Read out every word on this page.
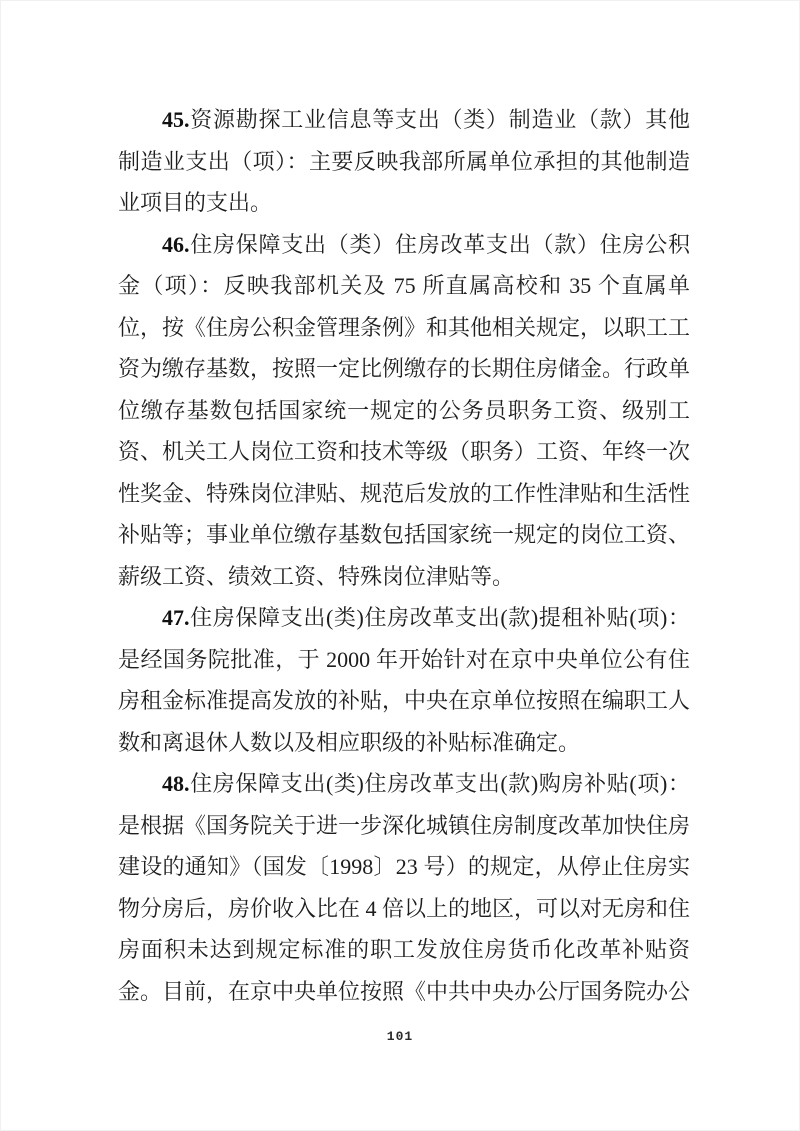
45.资源勘探工业信息等支出（类）制造业（款）其他制造业支出（项）：主要反映我部所属单位承担的其他制造业项目的支出。

46.住房保障支出（类）住房改革支出（款）住房公积金（项）：反映我部机关及 75 所直属高校和 35 个直属单位，按《住房公积金管理条例》和其他相关规定，以职工工资为缴存基数，按照一定比例缴存的长期住房储金。行政单位缴存基数包括国家统一规定的公务员职务工资、级别工资、机关工人岗位工资和技术等级（职务）工资、年终一次性奖金、特殊岗位津贴、规范后发放的工作性津贴和生活性补贴等；事业单位缴存基数包括国家统一规定的岗位工资、薪级工资、绩效工资、特殊岗位津贴等。

47.住房保障支出(类)住房改革支出(款)提租补贴(项)：是经国务院批准，于 2000 年开始针对在京中央单位公有住房租金标准提高发放的补贴，中央在京单位按照在编职工人数和离退休人数以及相应职级的补贴标准确定。

48.住房保障支出(类)住房改革支出(款)购房补贴(项)：是根据《国务院关于进一步深化城镇住房制度改革加快住房建设的通知》（国发〔1998〕23 号）的规定，从停止住房实物分房后，房价收入比在 4 倍以上的地区，可以对无房和住房面积未达到规定标准的职工发放住房货币化改革补贴资金。目前，在京中央单位按照《中共中央办公厅国务院办公

101
